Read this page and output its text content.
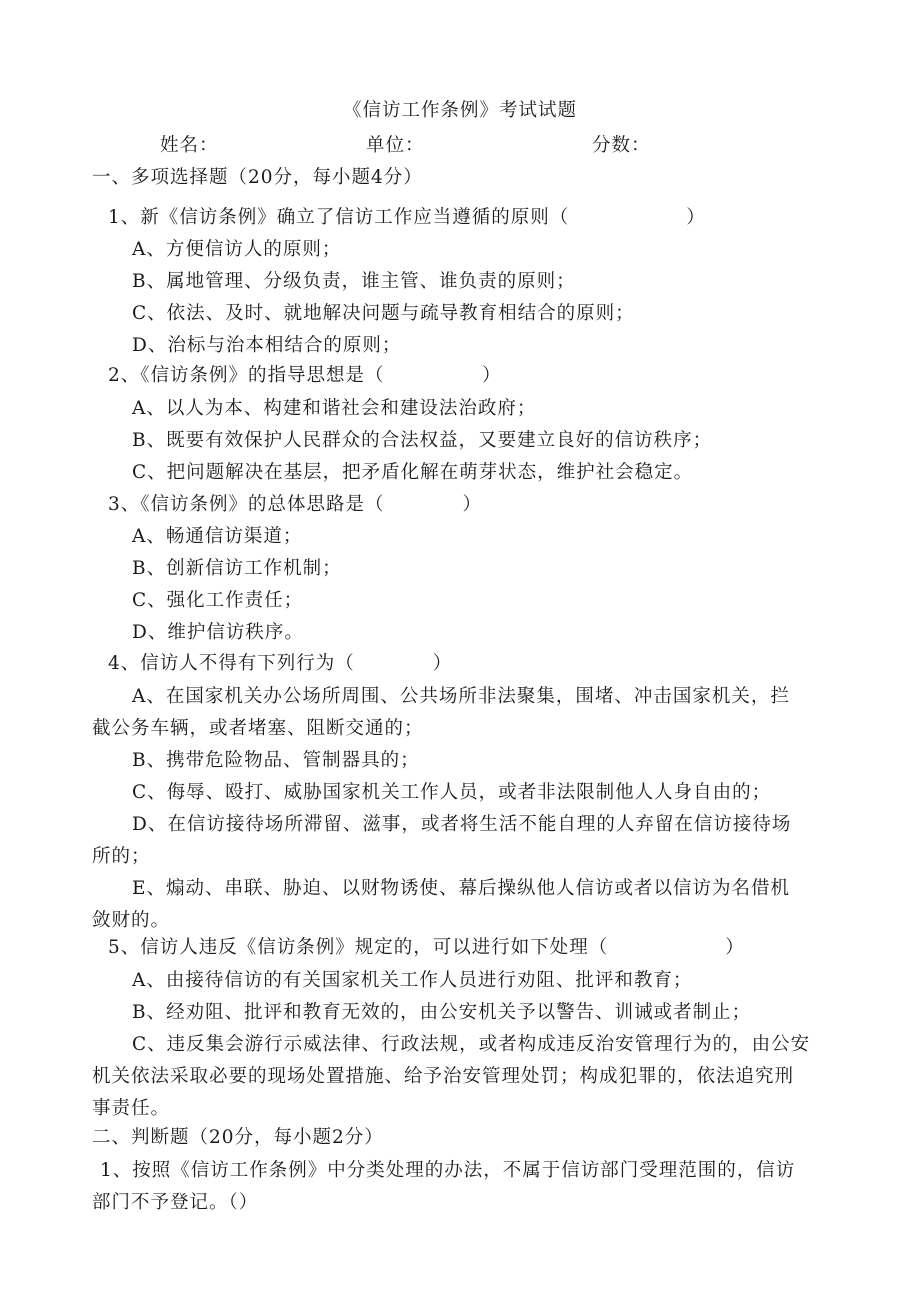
《信访工作条例》考试试题
姓名：	单位：	分数：
一、多项选择题（20分，每小题4分）
1、新《信访条例》确立了信访工作应当遵循的原则（　　　　　　）
A、方便信访人的原则；
B、属地管理、分级负责，谁主管、谁负责的原则；
C、依法、及时、就地解决问题与疏导教育相结合的原则；
D、治标与治本相结合的原则；
2、《信访条例》的指导思想是（　　　　　）
A、以人为本、构建和谐社会和建设法治政府；
B、既要有效保护人民群众的合法权益，又要建立良好的信访秩序；
C、把问题解决在基层，把矛盾化解在萌芽状态，维护社会稳定。
3、《信访条例》的总体思路是（　　　　）
A、畅通信访渠道；
B、创新信访工作机制；
C、强化工作责任；
D、维护信访秩序。
4、信访人不得有下列行为（　　　　）
A、在国家机关办公场所周围、公共场所非法聚集，围堵、冲击国家机关，拦
截公务车辆，或者堵塞、阻断交通的；
B、携带危险物品、管制器具的；
C、侮辱、殴打、威胁国家机关工作人员，或者非法限制他人人身自由的；
D、在信访接待场所滞留、滋事，或者将生活不能自理的人弃留在信访接待场
所的；
E、煽动、串联、胁迫、以财物诱使、幕后操纵他人信访或者以信访为名借机
敛财的。
5、信访人违反《信访条例》规定的，可以进行如下处理（　　　　　　）
A、由接待信访的有关国家机关工作人员进行劝阻、批评和教育；
B、经劝阻、批评和教育无效的，由公安机关予以警告、训诫或者制止；
C、违反集会游行示威法律、行政法规，或者构成违反治安管理行为的，由公安
机关依法采取必要的现场处置措施、给予治安管理处罚；构成犯罪的，依法追究刑
事责任。
二、判断题（20分，每小题2分）
1、按照《信访工作条例》中分类处理的办法，不属于信访部门受理范围的，信访
部门不予登记。（）
